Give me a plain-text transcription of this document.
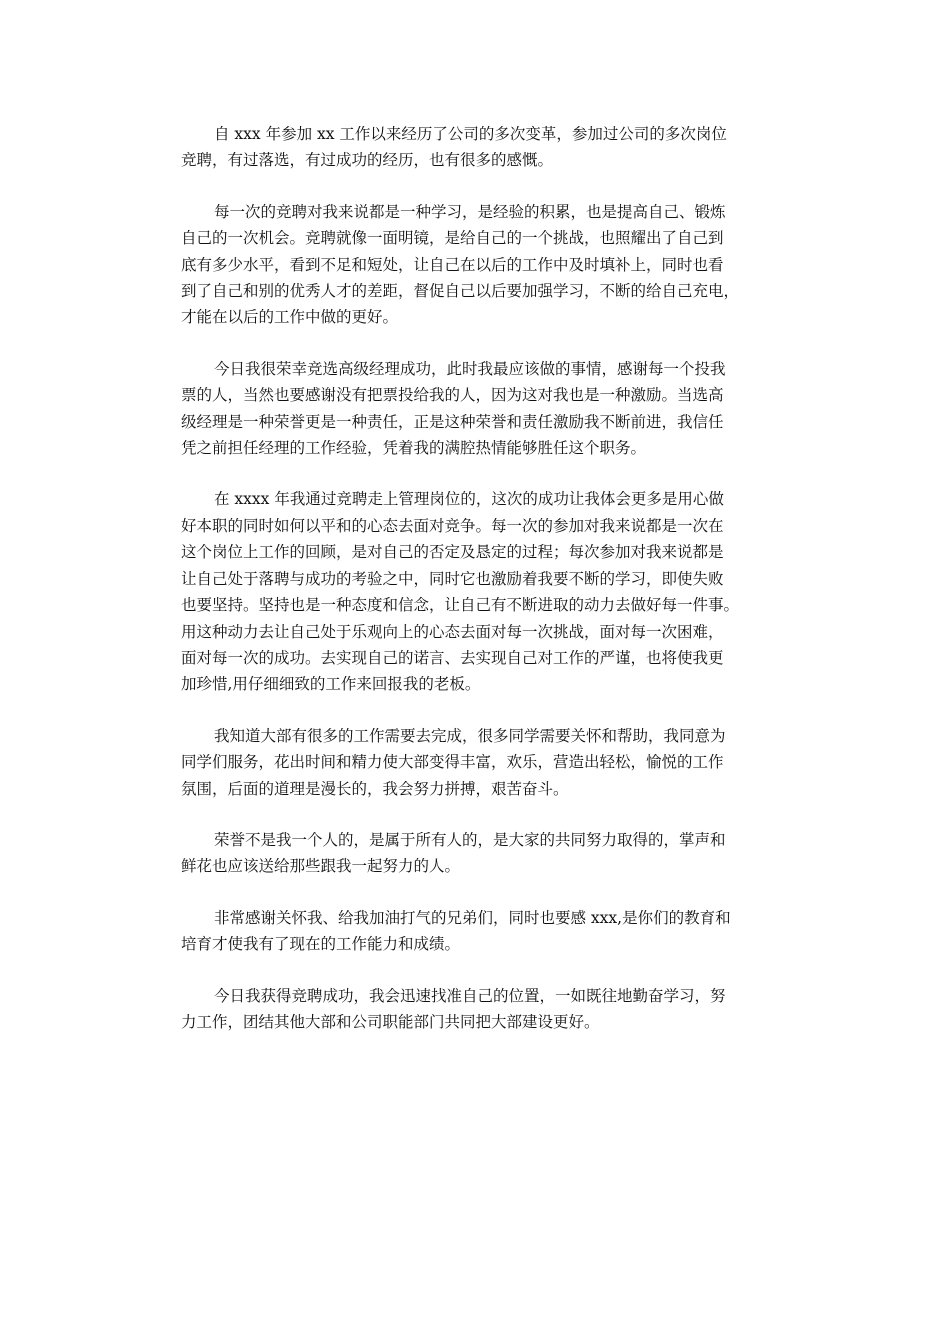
自 xxx 年参加 xx 工作以来经历了公司的多次变革，参加过公司的多次岗位
竞聘，有过落选，有过成功的经历，也有很多的感慨。
每一次的竞聘对我来说都是一种学习，是经验的积累，也是提高自己、锻炼
自己的一次机会。竞聘就像一面明镜，是给自己的一个挑战，也照耀出了自己到
底有多少水平，看到不足和短处，让自己在以后的工作中及时填补上，同时也看
到了自己和别的优秀人才的差距，督促自己以后要加强学习，不断的给自己充电，
才能在以后的工作中做的更好。
今日我很荣幸竞选高级经理成功，此时我最应该做的事情，感谢每一个投我
票的人，当然也要感谢没有把票投给我的人，因为这对我也是一种激励。当选高
级经理是一种荣誉更是一种责任，正是这种荣誉和责任激励我不断前进，我信任
凭之前担任经理的工作经验，凭着我的满腔热情能够胜任这个职务。
在 xxxx 年我通过竞聘走上管理岗位的，这次的成功让我体会更多是用心做
好本职的同时如何以平和的心态去面对竞争。每一次的参加对我来说都是一次在
这个岗位上工作的回顾，是对自己的否定及恳定的过程；每次参加对我来说都是
让自己处于落聘与成功的考验之中，同时它也激励着我要不断的学习，即使失败
也要坚持。坚持也是一种态度和信念，让自己有不断进取的动力去做好每一件事。
用这种动力去让自己处于乐观向上的心态去面对每一次挑战，面对每一次困难，
面对每一次的成功。去实现自己的诺言、去实现自己对工作的严谨，也将使我更
加珍惜,用仔细细致的工作来回报我的老板。
我知道大部有很多的工作需要去完成，很多同学需要关怀和帮助，我同意为
同学们服务，花出时间和精力使大部变得丰富，欢乐，营造出轻松，愉悦的工作
氛围，后面的道理是漫长的，我会努力拼搏，艰苦奋斗。
荣誉不是我一个人的，是属于所有人的，是大家的共同努力取得的，掌声和
鲜花也应该送给那些跟我一起努力的人。
非常感谢关怀我、给我加油打气的兄弟们，同时也要感 xxx,是你们的教育和
培育才使我有了现在的工作能力和成绩。
今日我获得竞聘成功，我会迅速找准自己的位置，一如既往地勤奋学习，努
力工作，团结其他大部和公司职能部门共同把大部建设更好。
